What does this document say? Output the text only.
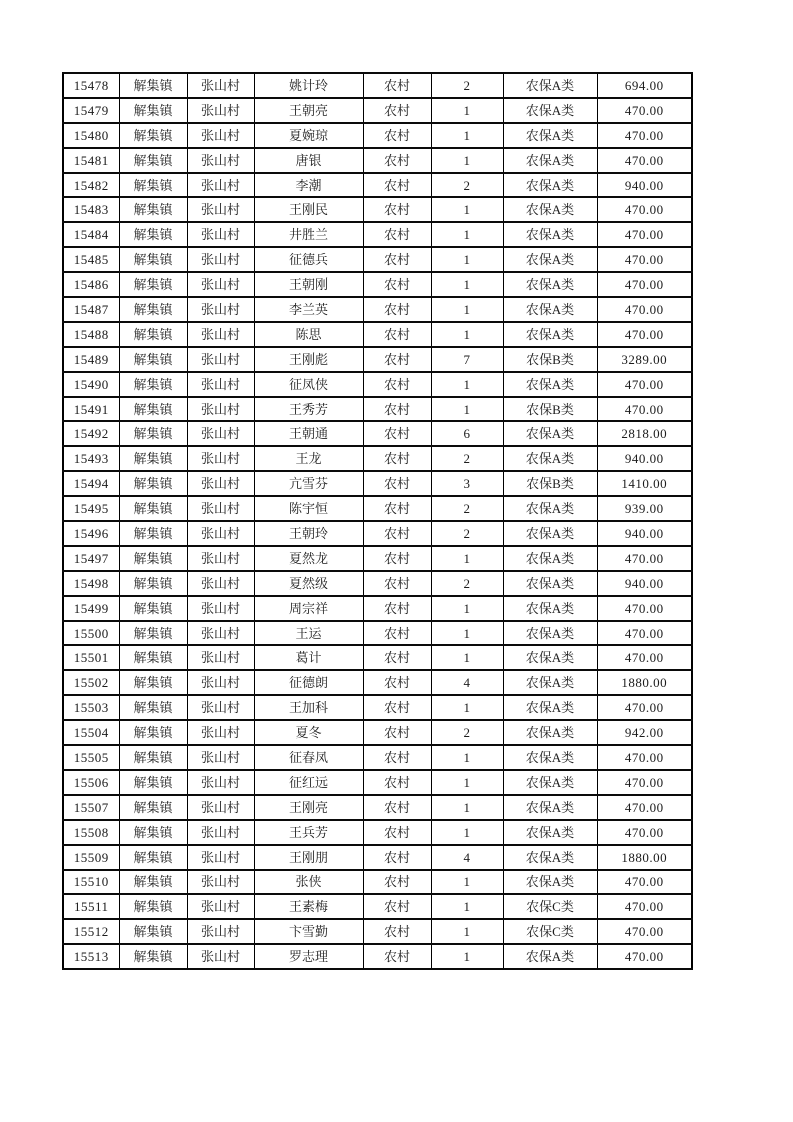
15478	解集镇	张山村	姚计玲	农村	2	农保A类	694.00
15479	解集镇	张山村	王朝亮	农村	1	农保A类	470.00
15480	解集镇	张山村	夏婉琼	农村	1	农保A类	470.00
15481	解集镇	张山村	唐银	农村	1	农保A类	470.00
15482	解集镇	张山村	李潮	农村	2	农保A类	940.00
15483	解集镇	张山村	王刚民	农村	1	农保A类	470.00
15484	解集镇	张山村	井胜兰	农村	1	农保A类	470.00
15485	解集镇	张山村	征德兵	农村	1	农保A类	470.00
15486	解集镇	张山村	王朝刚	农村	1	农保A类	470.00
15487	解集镇	张山村	李兰英	农村	1	农保A类	470.00
15488	解集镇	张山村	陈思	农村	1	农保A类	470.00
15489	解集镇	张山村	王刚彪	农村	7	农保B类	3289.00
15490	解集镇	张山村	征凤侠	农村	1	农保A类	470.00
15491	解集镇	张山村	王秀芳	农村	1	农保B类	470.00
15492	解集镇	张山村	王朝通	农村	6	农保A类	2818.00
15493	解集镇	张山村	王龙	农村	2	农保A类	940.00
15494	解集镇	张山村	亢雪芬	农村	3	农保B类	1410.00
15495	解集镇	张山村	陈宇恒	农村	2	农保A类	939.00
15496	解集镇	张山村	王朝玲	农村	2	农保A类	940.00
15497	解集镇	张山村	夏然龙	农村	1	农保A类	470.00
15498	解集镇	张山村	夏然级	农村	2	农保A类	940.00
15499	解集镇	张山村	周宗祥	农村	1	农保A类	470.00
15500	解集镇	张山村	王运	农村	1	农保A类	470.00
15501	解集镇	张山村	葛计	农村	1	农保A类	470.00
15502	解集镇	张山村	征德朗	农村	4	农保A类	1880.00
15503	解集镇	张山村	王加科	农村	1	农保A类	470.00
15504	解集镇	张山村	夏冬	农村	2	农保A类	942.00
15505	解集镇	张山村	征春凤	农村	1	农保A类	470.00
15506	解集镇	张山村	征红远	农村	1	农保A类	470.00
15507	解集镇	张山村	王刚亮	农村	1	农保A类	470.00
15508	解集镇	张山村	王兵芳	农村	1	农保A类	470.00
15509	解集镇	张山村	王刚朋	农村	4	农保A类	1880.00
15510	解集镇	张山村	张侠	农村	1	农保A类	470.00
15511	解集镇	张山村	王素梅	农村	1	农保C类	470.00
15512	解集镇	张山村	卞雪勤	农村	1	农保C类	470.00
15513	解集镇	张山村	罗志理	农村	1	农保A类	470.00
